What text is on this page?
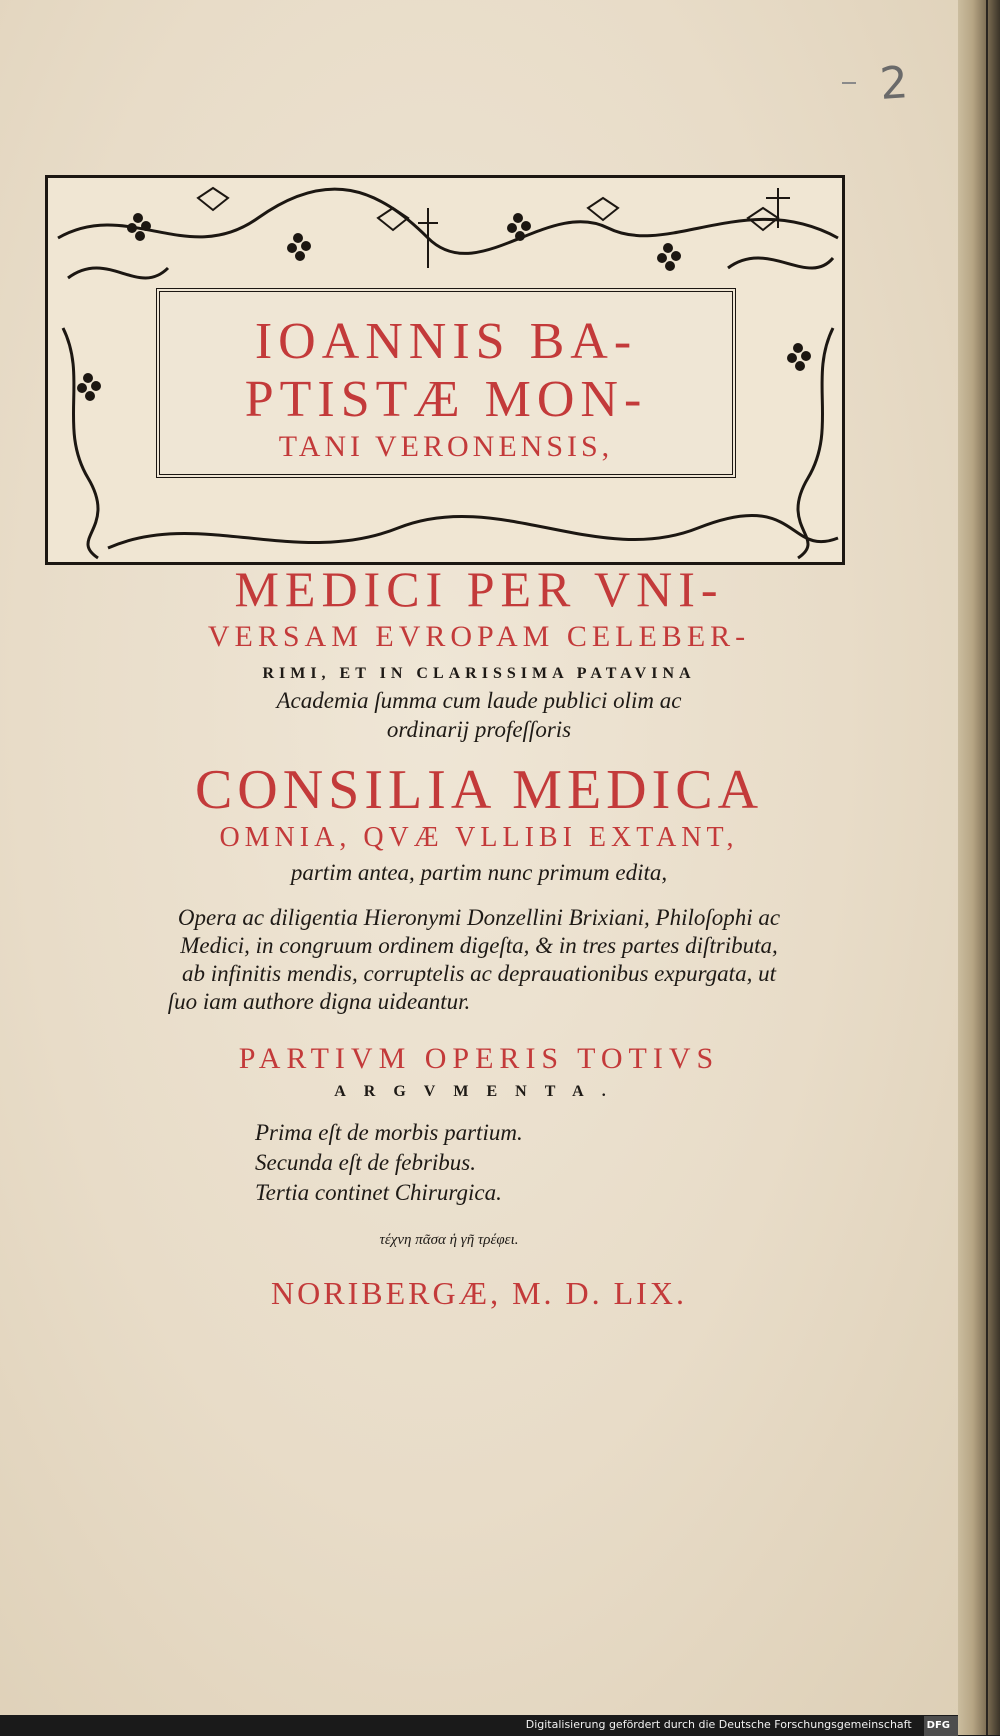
2
IOANNIS BA-
PTISTÆ MON-
TANI VERONENSIS,
MEDICI PER VNI-
VERSAM EVROPAM CELEBER-
RIMI, ET IN CLARISSIMA PATAVINA
Academia ſumma cum laude publici olim ac
ordinarij profeſſoris
CONSILIA MEDICA
OMNIA, QVÆ VLLIBI EXTANT,
partim antea, partim nunc primum edita,
Opera ac diligentia Hieronymi Donzellini Brixiani, Philoſophi ac
Medici, in congruum ordinem digeſta, & in tres partes diſtributa,
ab infinitis mendis, corruptelis ac deprauationibus expurgata, ut
ſuo iam authore digna uideantur.
PARTIVM OPERIS TOTIVS
ARGVMENTA.
Prima eſt de morbis partium.
Secunda eſt de febribus.
Tertia continet Chirurgica.
τέχνη πᾶσα ἡ γῆ τρέφει.
NORIBERGÆ, M. D. LIX.
Digitalisierung gefördert durch die Deutsche Forschungsgemeinschaft DFG
